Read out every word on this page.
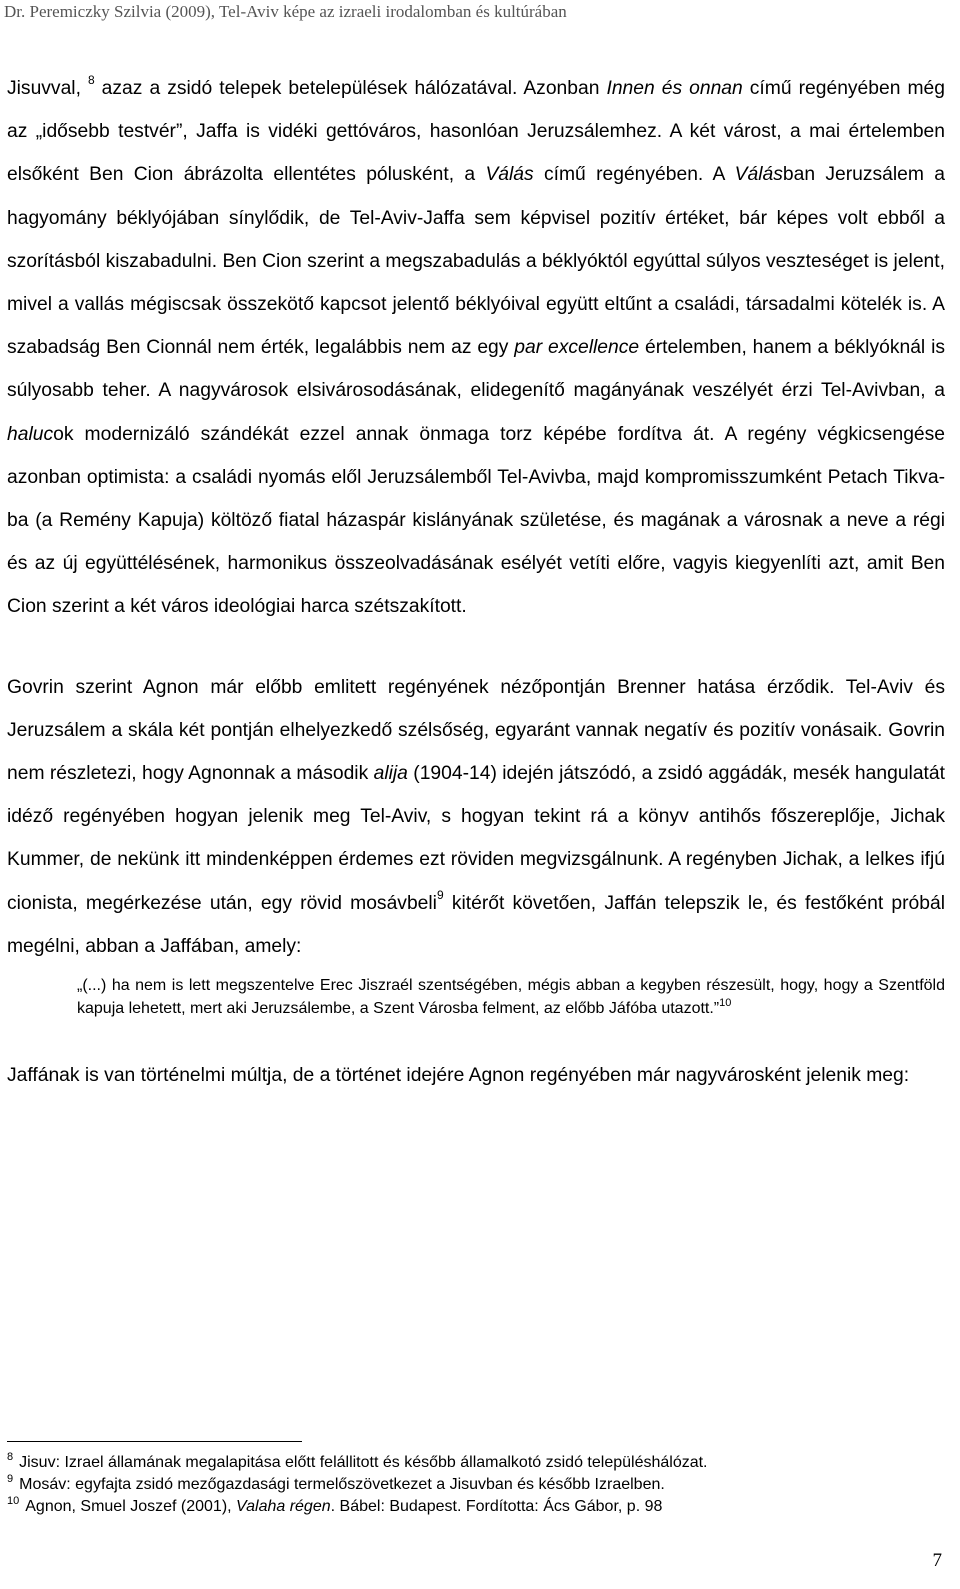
Dr. Peremiczky Szilvia (2009), Tel-Aviv képe az izraeli irodalomban és kultúrában

Jisuvval, $^8$ azaz a zsidó telepek betelepülések hálózatával. Azonban Innen és onnan című regényében még az „idősebb testvér”, Jaffa is vidéki gettóváros, hasonlóan Jeruzsálemhez. A két várost, a mai értelemben elsőként Ben Cion ábrázolta ellentétes pólusként, a Válás című regényében. A Válásban Jeruzsálem a hagyomány béklyójában sínylődik, de Tel-Aviv-Jaffa sem képvisel pozitív értéket, bár képes volt ebből a szorításból kiszabadulni. Ben Cion szerint a megszabadulás a béklyóktól egyúttal súlyos veszteséget is jelent, mivel a vallás mégiscsak összekötő kapcsot jelentő béklyóival együtt eltűnt a családi, társadalmi kötelék is. A szabadság Ben Cionnál nem érték, legalábbis nem az egy par excellence értelemben, hanem a béklyóknál is súlyosabb teher. A nagyvárosok elsivárosodásának, elidegenítő magányának veszélyét érzi Tel-Avivban, a halucok modernizáló szándékát ezzel annak önmaga torz képébe fordítva át. A regény végkicsengése azonban optimista: a családi nyomás elől Jeruzsálemből Tel-Avivba, majd kompromisszumként Petach Tikva-ba (a Remény Kapuja) költöző fiatal házaspár kislányának születése, és magának a városnak a neve a régi és az új együttélésének, harmonikus összeolvadásának esélyét vetíti előre, vagyis kiegyenlíti azt, amit Ben Cion szerint a két város ideológiai harca szétszakított.

Govrin szerint Agnon már előbb emlitett regényének nézőpontján Brenner hatása érződik. Tel-Aviv és Jeruzsálem a skála két pontján elhelyezkedő szélsőség, egyaránt vannak negatív és pozitív vonásaik. Govrin nem részletezi, hogy Agnonnak a második alija (1904-14) idején játszódó, a zsidó aggádák, mesék hangulatát idéző regényében hogyan jelenik meg Tel-Aviv, s hogyan tekint rá a könyv antihős főszereplője, Jichak Kummer, de nekünk itt mindenképpen érdemes ezt röviden megvizsgálnunk. A regényben Jichak, a lelkes ifjú cionista, megérkezése után, egy rövid mosávbeli$^9$ kitérőt követően, Jaffán telepszik le, és festőként próbál megélni, abban a Jaffában, amely:

„(...) ha nem is lett megszentelve Erec Jiszraél szentségében, mégis abban a kegyben részesült, hogy, hogy a Szentföld kapuja lehetett, mert aki Jeruzsálembe, a Szent Városba felment, az előbb Jáfóba utazott.”$^{10}$

Jaffának is van történelmi múltja, de a történet idejére Agnon regényében már nagyvárosként jelenik meg:

$^8$ Jisuv: Izrael államának megalapitása előtt felállitott és később államalkotó zsidó településhálózat.
$^9$ Mosáv: egyfajta zsidó mezőgazdasági termelőszövetkezet a Jisuvban és később Izraelben.
$^{10}$ Agnon, Smuel Joszef (2001), Valaha régen. Bábel: Budapest. Fordította: Ács Gábor, p. 98
7
